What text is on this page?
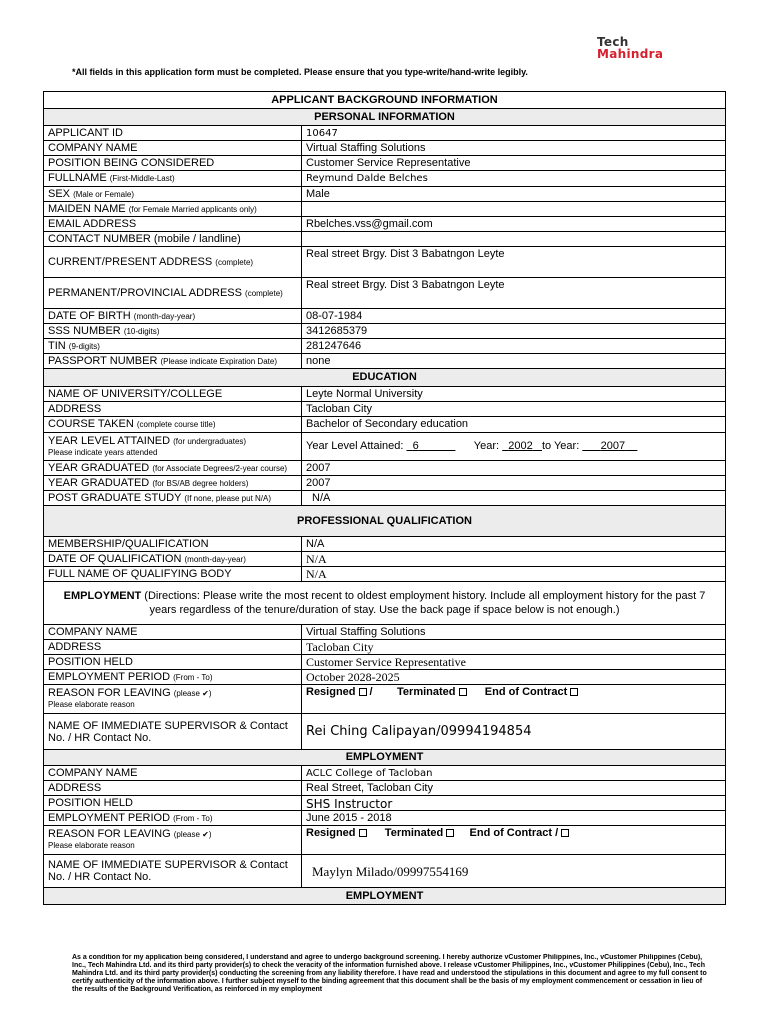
Tech
Mahindra
*All fields in this application form must be completed. Please ensure that you type-write/hand-write legibly.
APPLICANT BACKGROUND INFORMATION	
PERSONAL INFORMATION	
APPLICANT ID	10647
COMPANY NAME	Virtual Staffing Solutions
POSITION BEING CONSIDERED	Customer Service Representative
FULLNAME (First-Middle-Last)	Reymund Dalde Belches
SEX (Male or Female)	Male
MAIDEN NAME (for Female Married applicants only)	
EMAIL ADDRESS	Rbelches.vss@gmail.com
CONTACT NUMBER (mobile / landline)	
CURRENT/PRESENT ADDRESS (complete)	Real street Brgy. Dist 3 Babatngon Leyte
PERMANENT/PROVINCIAL ADDRESS (complete)	Real street Brgy. Dist 3 Babatngon Leyte
DATE OF BIRTH (month-day-year)	08-07-1984
SSS NUMBER (10-digits)	3412685379
TIN (9-digits)	281247646
PASSPORT NUMBER (Please indicate Expiration Date)	none
EDUCATION	
NAME OF UNIVERSITY/COLLEGE	Leyte Normal University
ADDRESS	Tacloban City
COURSE TAKEN (complete course title)	Bachelor of Secondary education
YEAR LEVEL ATTAINED (for undergraduates)
Please indicate years attended	Year Level Attained: 6 Year: 2002 to Year: 2007
YEAR GRADUATED (for Associate Degrees/2-year course)	2007
YEAR GRADUATED (for BS/AB degree holders)	2007
POST GRADUATE STUDY (If none, please put N/A)	N/A
PROFESSIONAL QUALIFICATION	
MEMBERSHIP/QUALIFICATION	N/A
DATE OF QUALIFICATION (month-day-year)	N/A
FULL NAME OF QUALIFYING BODY	N/A
EMPLOYMENT (Directions: Please write the most recent to oldest employment history. Include all employment history for the past 7 years regardless of the tenure/duration of stay. Use the back page if space below is not enough.)	
COMPANY NAME	Virtual Staffing Solutions
ADDRESS	Tacloban City
POSITION HELD	Customer Service Representative
EMPLOYMENT PERIOD (From - To)	October 2028-2025
REASON FOR LEAVING (please ✔)
Please elaborate reason	Resigned / Terminated End of Contract
NAME OF IMMEDIATE SUPERVISOR & Contact
No. / HR Contact No.	Rei Ching Calipayan/09994194854
EMPLOYMENT	
COMPANY NAME	ACLC College of Tacloban
ADDRESS	Real Street, Tacloban City
POSITION HELD	SHS Instructor
EMPLOYMENT PERIOD (From - To)	June 2015 - 2018
REASON FOR LEAVING (please ✔)
Please elaborate reason	Resigned Terminated End of Contract /
NAME OF IMMEDIATE SUPERVISOR & Contact
No. / HR Contact No.	Maylyn Milado/09997554169
EMPLOYMENT	
As a condition for my application being considered, I understand and agree to undergo background screening. I hereby authorize vCustomer Philippines, Inc., vCustomer Philippines (Cebu), Inc., Tech Mahindra Ltd. and its third party provider(s) to check the veracity of the information furnished above. I release vCustomer Philippines, Inc., vCustomer Philippines (Cebu), Inc., Tech Mahindra Ltd. and its third party provider(s) conducting the screening from any liability therefore. I have read and understood the stipulations in this document and agree to my full consent to certify authenticity of the information above. I further subject myself to the binding agreement that this document shall be the basis of my employment commencement or cessation in lieu of the results of the Background Verification, as reinforced in my employment
